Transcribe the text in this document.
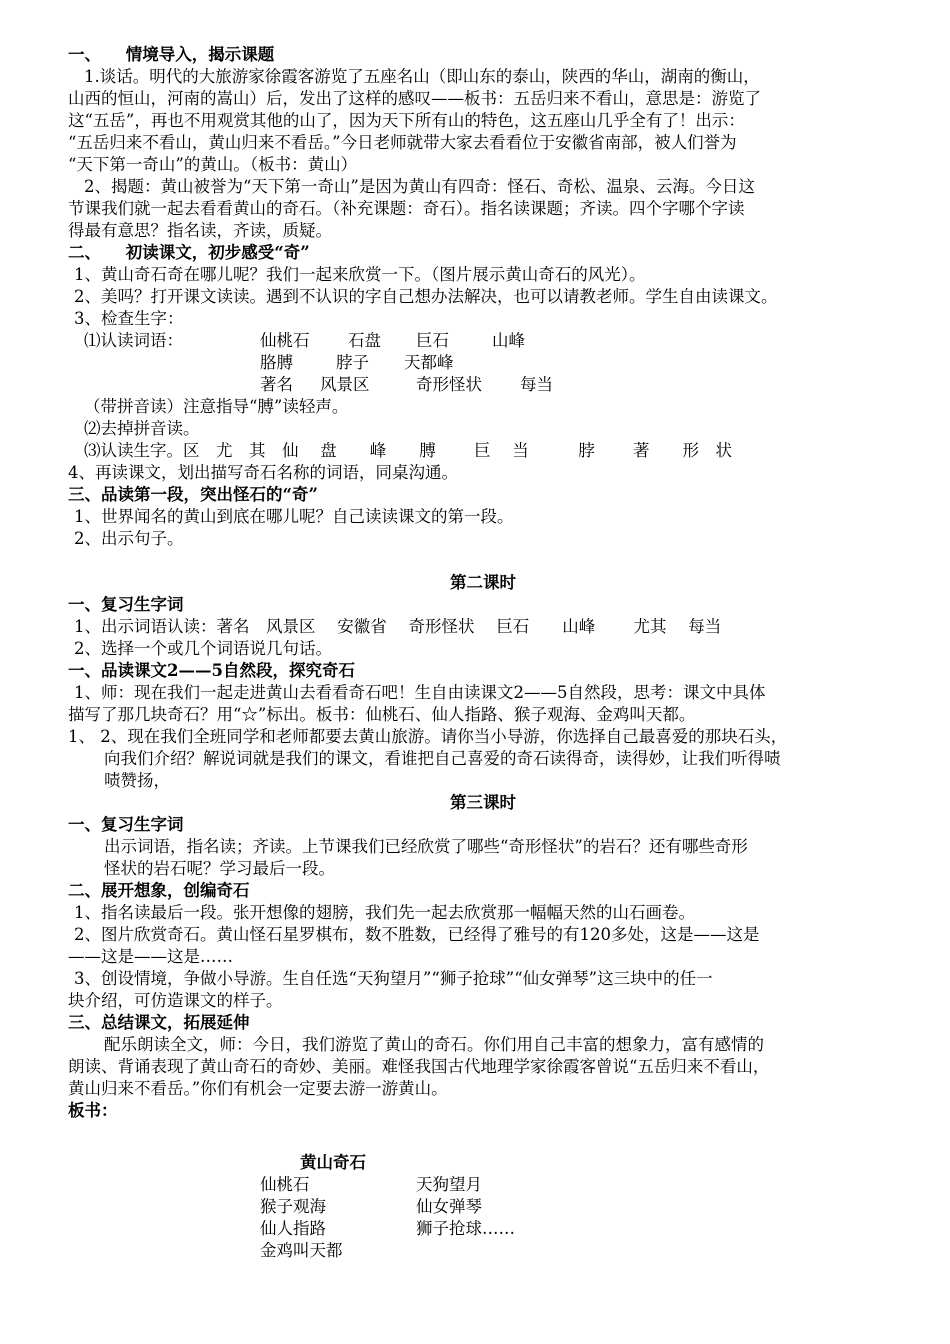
一、　　情境导入，揭示课题
1.谈话。明代的大旅游家徐霞客游览了五座名山（即山东的泰山，陕西的华山，湖南的衡山，
山西的恒山，河南的嵩山）后，发出了这样的感叹——板书：五岳归来不看山，意思是：游览了
这“五岳”，再也不用观赏其他的山了，因为天下所有山的特色，这五座山几乎全有了！出示：
“五岳归来不看山，黄山归来不看岳。”今日老师就带大家去看看位于安徽省南部，被人们誉为
“天下第一奇山”的黄山。（板书：黄山）
2、揭题：黄山被誉为“天下第一奇山”是因为黄山有四奇：怪石、奇松、温泉、云海。今日这
节课我们就一起去看看黄山的奇石。（补充课题：奇石）。指名读课题；齐读。四个字哪个字读
得最有意思？指名读，齐读，质疑。
二、　　初读课文，初步感受“奇”
1、黄山奇石奇在哪儿呢？我们一起来欣赏一下。（图片展示黄山奇石的风光）。
2、美吗？打开课文读读。遇到不认识的字自己想办法解决，也可以请教老师。学生自由读课文。
3、检查生字：
⑴认读词语：	仙桃石 石盘 巨石	山峰
胳膊	脖子 天都峰
著名 风景区	奇形怪状 每当
（带拼音读）注意指导“膊”读轻声。
⑵去掉拼音读。
⑶认读生字。区　尤　其　仙　 盘　　峰　　膊　　 巨　 当　　　脖　　 著　　形　状
4、再读课文，划出描写奇石名称的词语，同桌沟通。
三、品读第一段，突出怪石的“奇”
1、世界闻名的黄山到底在哪儿呢？自己读读课文的第一段。
2、出示句子。
第二课时
一、复习生字词
1、出示词语认读：著名　风景区　 安徽省　 奇形怪状　 巨石　　山峰　　 尤其　 每当
2、选择一个或几个词语说几句话。
一、品读课文2——5自然段，探究奇石
1、师：现在我们一起走进黄山去看看奇石吧！生自由读课文2——5自然段，思考：课文中具体
描写了那几块奇石？用“☆”标出。板书：仙桃石、仙人指路、猴子观海、金鸡叫天都。
1、 2、现在我们全班同学和老师都要去黄山旅游。请你当小导游，你选择自己最喜爱的那块石头，
向我们介绍？解说词就是我们的课文，看谁把自己喜爱的奇石读得奇，读得妙，让我们听得啧
啧赞扬，
第三课时
一、复习生字词
出示词语，指名读；齐读。上节课我们已经欣赏了哪些“奇形怪状”的岩石？还有哪些奇形
怪状的岩石呢？学习最后一段。
二、展开想象，创编奇石
1、指名读最后一段。张开想像的翅膀，我们先一起去欣赏那一幅幅天然的山石画卷。
2、图片欣赏奇石。黄山怪石星罗棋布，数不胜数，已经得了雅号的有120多处，这是——这是
——这是——这是……
3、创设情境，争做小导游。生自任选“天狗望月”“狮子抢球”“仙女弹琴”这三块中的任一
块介绍，可仿造课文的样子。
三、总结课文，拓展延伸
配乐朗读全文，师：今日，我们游览了黄山的奇石。你们用自己丰富的想象力，富有感情的
朗读、背诵表现了黄山奇石的奇妙、美丽。难怪我国古代地理学家徐霞客曾说“五岳归来不看山，
黄山归来不看岳。”你们有机会一定要去游一游黄山。
板书：
黄山奇石
仙桃石	天狗望月
猴子观海	仙女弹琴
仙人指路	狮子抢球……
金鸡叫天都
